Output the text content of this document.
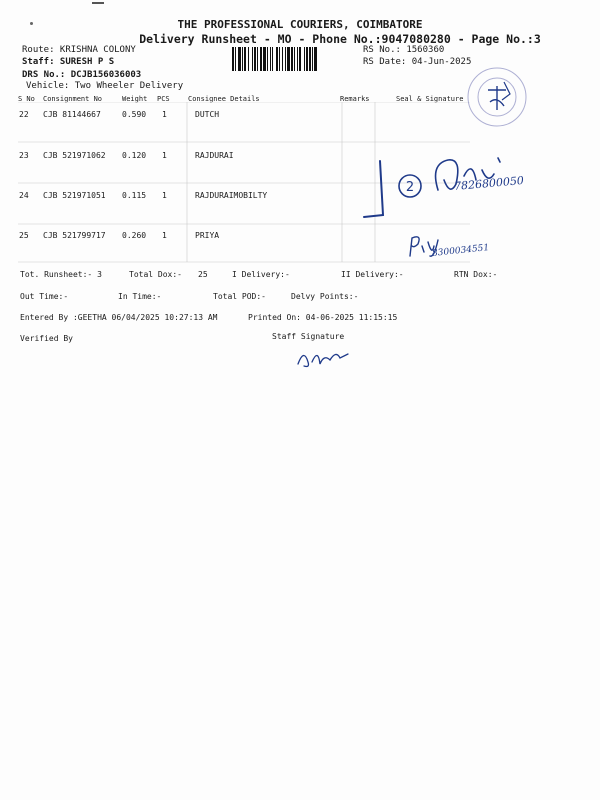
THE PROFESSIONAL COURIERS, COIMBATORE
Delivery Runsheet - MO - Phone No.:9047080280 - Page No.:3
Route: KRISHNA COLONY
Staff: SURESH P S
DRS No.: DCJB156036003
Vehicle: Two Wheeler Delivery
RS No.: 1560360
RS Date: 04-Jun-2025
S No Consignment No	Weight PCS	Consignee Details	Remarks	Seal & Signature
22 CJB 81144667	0.590 1	DUTCH
23 CJB 521971062 0.120 1	RAJDURAI
24 CJB 521971051 0.115 1	RAJDURAIMOBILTY
25 CJB 521799717 0.260 1	PRIYA
Tot. Runsheet:- 3	Total Dox:- 25	I Delivery:-	II Delivery:-	RTN Dox:-
Out Time:-	In Time:-	Total POD:-	Delvy Points:-
Entered By :GEETHA 06/04/2025 10:27:13 AM	Printed On: 04-06-2025 11:15:15
Verified By	Staff Signature
2	7826800050
8300034551
